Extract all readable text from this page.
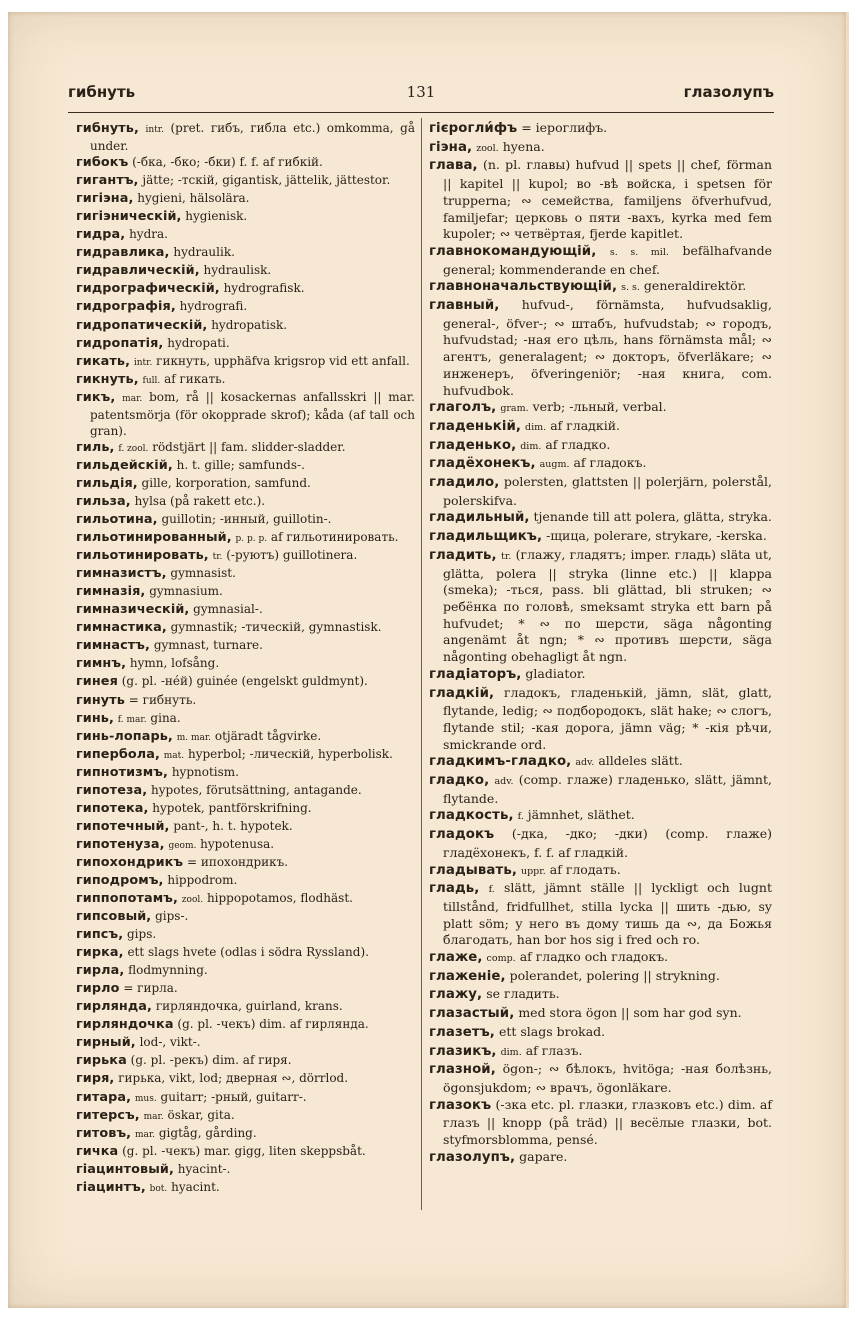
гибнуть	131	глазолупъ
гибнуть, intr. (pret. гибъ, гибла etc.) omkomma, gå under.
гибокъ (-бка, -бко; -бки) f. f. af гибкій.
гигантъ, jätte; -тскій, gigantisk, jättelik, jättestor.
гигіэна, hygieni, hälsolära.
гигіэническій, hygienisk.
гидра, hydra.
гидравлика, hydraulik.
гидравлическій, hydraulisk.
гидрографическій, hydrografisk.
гидрографія, hydrografi.
гидропатическій, hydropatisk.
гидропатія, hydropati.
гикать, intr. гикнуть, upphäfva krigsrop vid ett anfall.
гикнуть, full. af гикать.
гикъ, mar. bom, rå || kosackernas anfallsskri || mar. patentsmörja (för okopprade skrof); kåda (af tall och gran).
гиль, f. zool. rödstjärt || fam. slidder-sladder.
гильдейскій, h. t. gille; samfunds-.
гильдія, gille, korporation, samfund.
гильза, hylsa (på rakett etc.).
гильотина, guillotin; -инный, guillotin-.
гильотинированный, p. p. p. af гильотинировать.
гильотинировать, tr. (-руютъ) guillotinera.
гимназистъ, gymnasist.
гимназія, gymnasium.
гимназическій, gymnasial-.
гимнастика, gymnastik; -тическій, gymnastisk.
гимнастъ, gymnast, turnare.
гимнъ, hymn, lofsång.
гинея (g. pl. -нéй) guinée (engelskt guldmynt).
гинуть = гибнуть.
гинь, f. mar. gina.
гинь-лопарь, m. mar. otjäradt tågvirke.
гипербола, mat. hyperbol; -лическій, hyperbolisk.
гипнотизмъ, hypnotism.
гипотеза, hypotes, förutsättning, antagande.
гипотека, hypotek, pantförskrifning.
гипотечный, pant-, h. t. hypotek.
гипотенуза, geom. hypotenusa.
гипохондрикъ = ипохондрикъ.
гиподромъ, hippodrom.
гиппопотамъ, zool. hippopotamos, flodhäst.
гипсовый, gips-.
гипсъ, gips.
гирка, ett slags hvete (odlas i södra Ryssland).
гирла, flodmynning.
гирло = гирла.
гирлянда, гирляндочка, guirland, krans.
гирляндочка (g. pl. -чекъ) dim. af гирлянда.
гирный, lod-, vikt-.
гирька (g. pl. -рекъ) dim. af гиря.
гиря, гирька, vikt, lod; дверная ∾, dörrlod.
гитара, mus. guitarr; -рный, guitarr-.
гитерсъ, mar. öskar, gita.
гитовъ, mar. gigtåg, gårding.
гичка (g. pl. -чекъ) mar. gigg, liten skeppsbåt.
гіацинтовый, hyacint-.
гіацинтъ, bot. hyacint.
гієрогли́фъ = іероглифъ.
гіэна, zool. hyena.
глава, (n. pl. главы) hufvud || spets || chef, förman || kapitel || kupol; во -вѣ войска, i spetsen för trupperna; ∾ семейства, familjens öfverhufvud, familjefar; церковь о пяти -вахъ, kyrka med fem kupoler; ∾ четвёртая, fjerde kapitlet.
главнокомандующій, s. s. mil. befälhafvande general; kommenderande en chef.
главноначальствующій, s. s. generaldirektör.
главный, hufvud-, förnämsta, hufvudsaklig, general-, öfver-; ∾ штабъ, hufvudstab; ∾ городъ, hufvudstad; -ная его цѣль, hans förnämsta mål; ∾ агентъ, generalagent; ∾ докторъ, öfverläkare; ∾ инженеръ, öfveringeniör; -ная книга, com. hufvudbok.
глаголъ, gram. verb; -льный, verbal.
гладенькій, dim. af гладкій.
гладенько, dim. af гладко.
гладёхонекъ, augm. af гладокъ.
гладило, polersten, glattsten || polerjärn, polerstål, polerskifva.
гладильный, tjenande till att polera, glätta, stryka.
гладильщикъ, -щица, polerare, strykare, -kerska.
гладить, tr. (глажу, гладятъ; imper. гладь) släta ut, glätta, polera || stryka (linne etc.) || klappa (smeka); -ться, pass. bli glättad, bli struken; ∾ ребёнка по головѣ, smeksamt stryka ett barn på hufvudet; * ∾ по шерсти, säga någonting angenämt åt ngn; * ∾ противъ шерсти, säga någonting obehagligt åt ngn.
гладіаторъ, gladiator.
гладкій, гладокъ, гладенькій, jämn, slät, glatt, flytande, ledig; ∾ подбородокъ, slät hake; ∾ слогъ, flytande stil; -кая дорога, jämn väg; * -кія рѣчи, smickrande ord.
гладкимъ-гладко, adv. alldeles slätt.
гладко, adv. (comp. глаже) гладенько, slätt, jämnt, flytande.
гладкость, f. jämnhet, släthet.
гладокъ (-дка, -дко; -дки) (comp. глаже) гладёхонекъ, f. f. af гладкій.
гладывать, uppr. af глодать.
гладь, f. slätt, jämnt ställe || lyckligt och lugnt tillstånd, fridfullhet, stilla lycka || шить -дью, sy platt söm; у него въ дому тишь да ∾, да Божья благодать, han bor hos sig i fred och ro.
глаже, comp. af гладко och гладокъ.
глаженіе, polerandet, polering || strykning.
глажу, se гладить.
глазастый, med stora ögon || som har god syn.
глазетъ, ett slags brokad.
глазикъ, dim. af глазъ.
глазной, ögon-; ∾ бѣлокъ, hvitöga; -ная болѣзнь, ögonsjukdom; ∾ врачъ, ögonläkare.
глазокъ (-зка etc. pl. глазки, глазковъ etc.) dim. af глазъ || knopp (på träd) || весёлые глазки, bot. styfmorsblomma, pensé.
глазолупъ, gapare.
